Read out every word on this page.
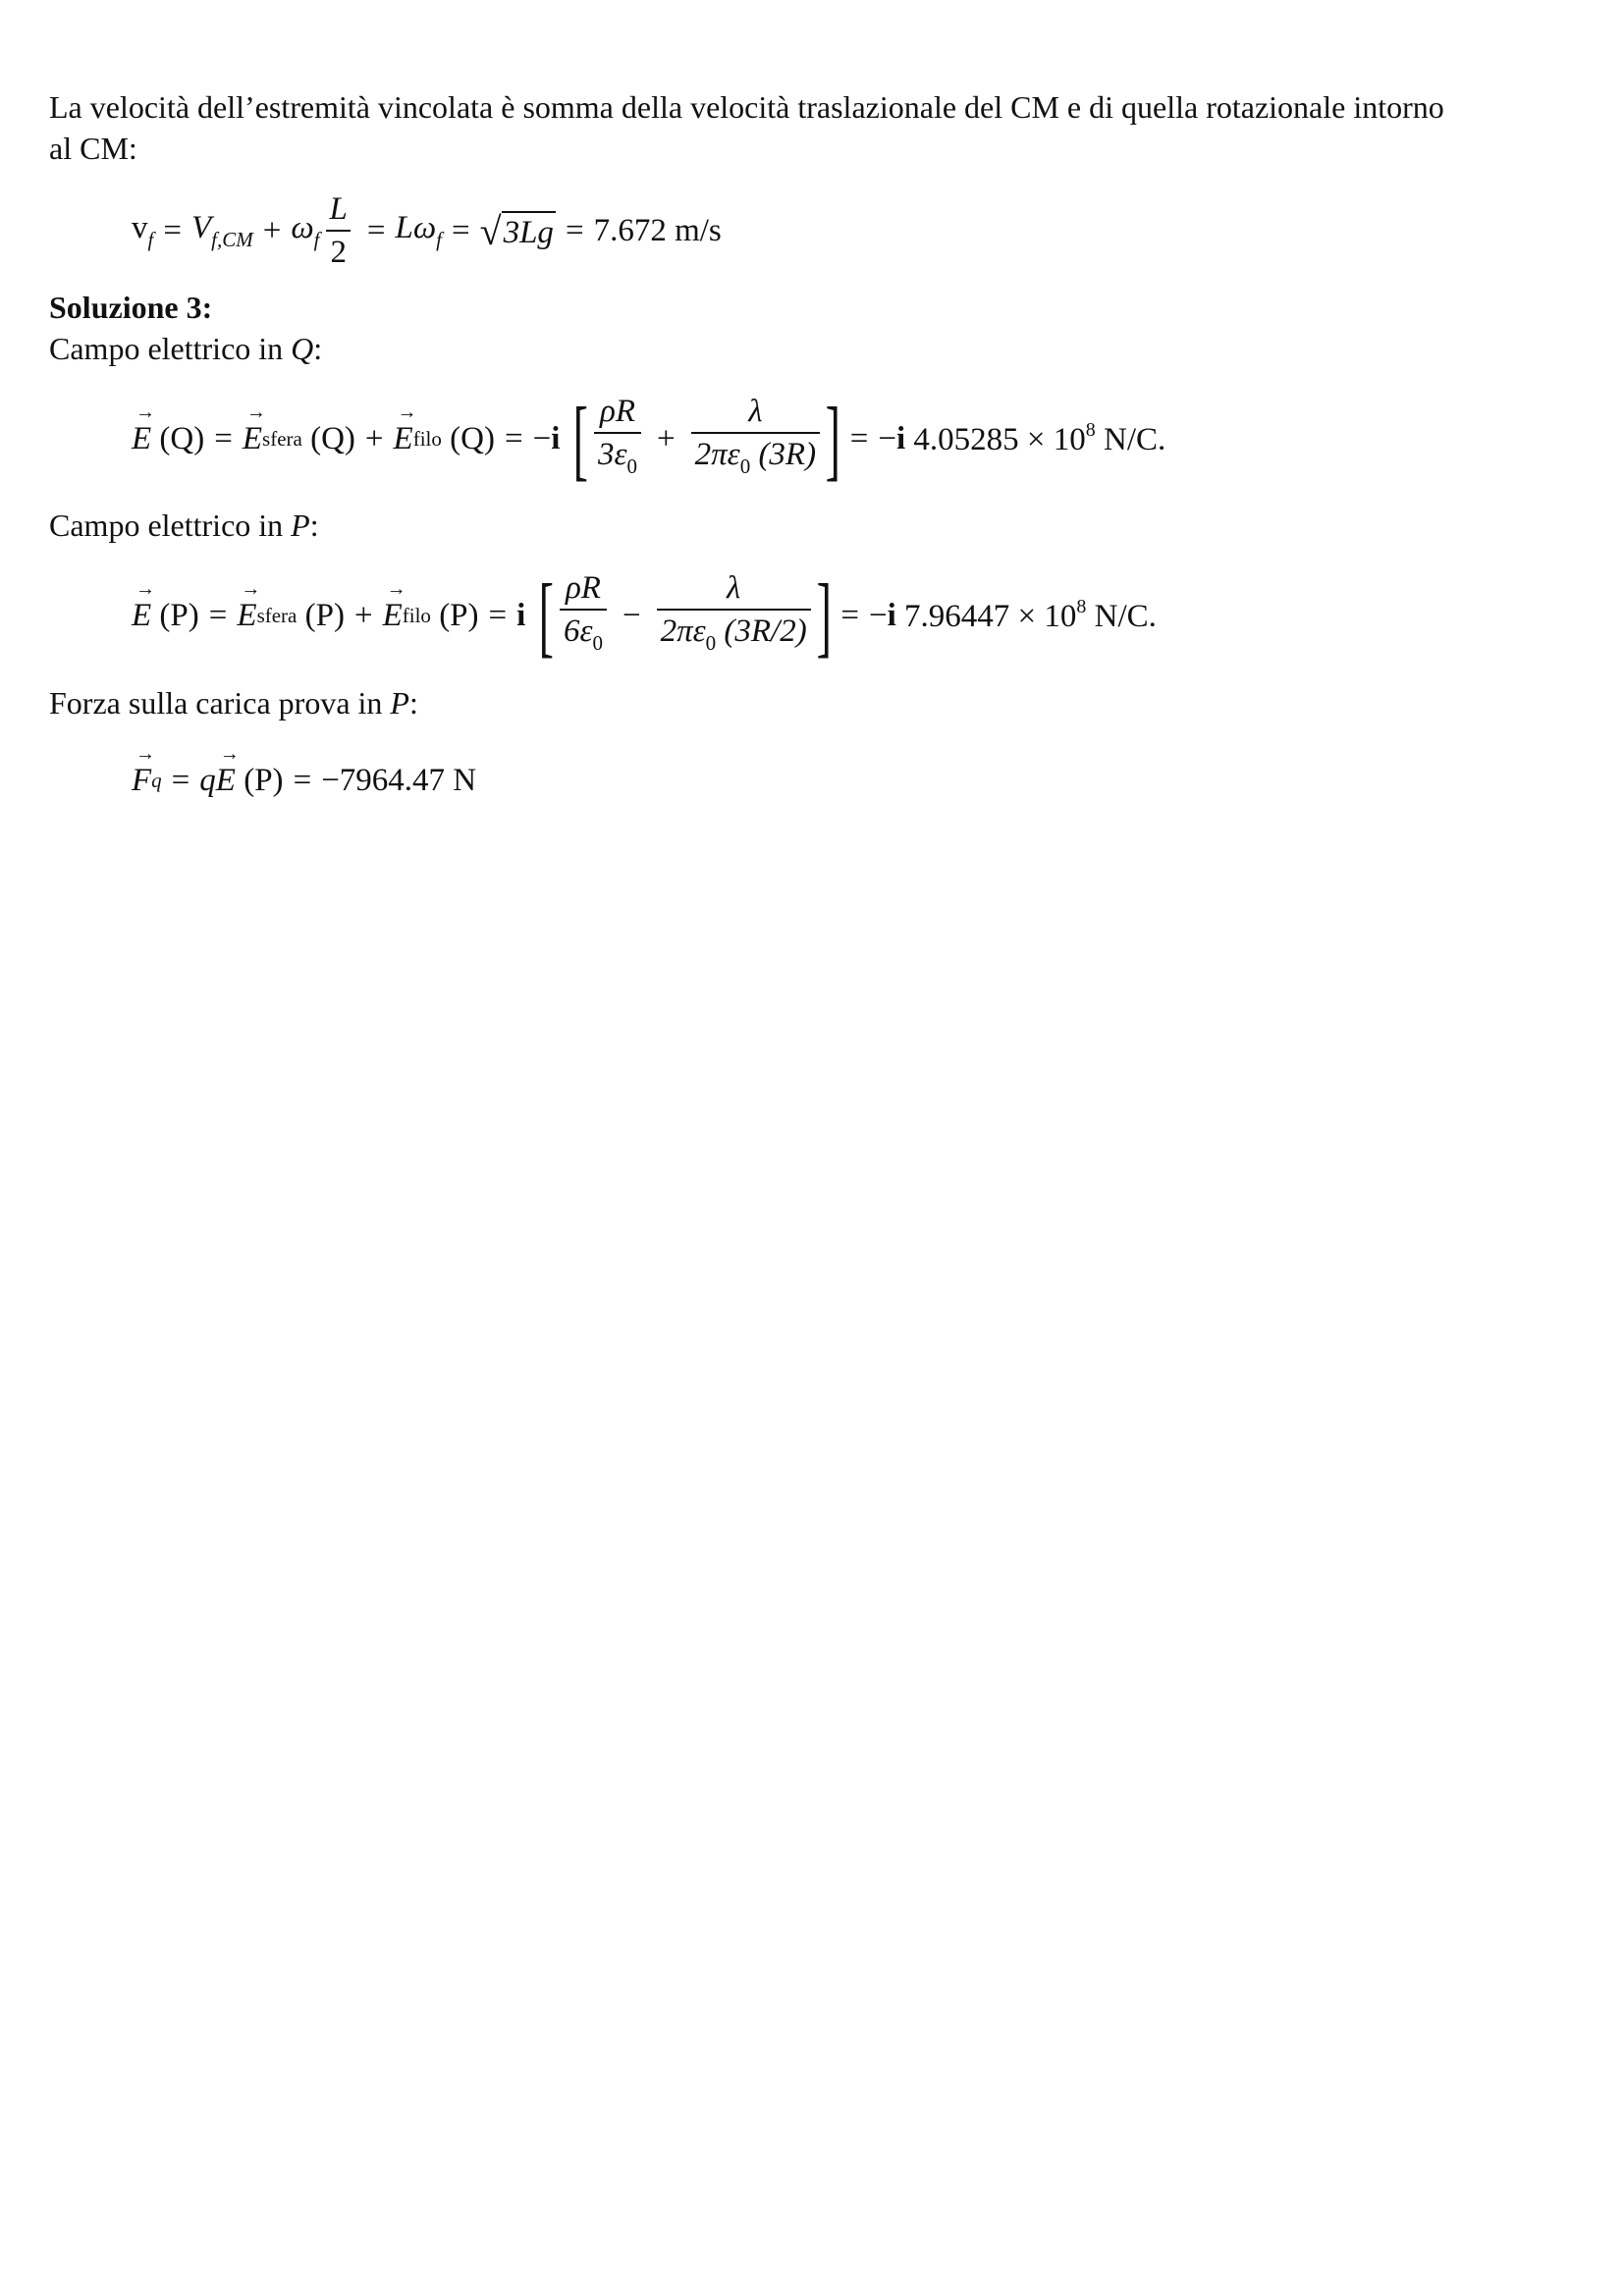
La velocità dell’estremità vincolata è somma della velocità traslazionale del CM e di quella rotazionale intorno
al CM:
$v_f = V_{f,CM} + \omega_f \frac{L}{2} = L\omega_f$ = √ 3Lg = 7.672 m/s
Soluzione 3:
Campo elettrico in Q:
→ E
(Q) = → E sfera
(Q) + → E filo
(Q) = − i [ $\frac{\rho R}{3\varepsilon_0} + \frac{\lambda}{2\pi\varepsilon_0 (3R)}$ ] = − i
$4.05285 \times 10^8$ N/C.
Campo elettrico in P:
→ E
(P) = → E sfera
(P) + → E filo
(P) = i [ $\frac{\rho R}{6\varepsilon_0} - \frac{\lambda}{2\pi\varepsilon_0 (3R/2)}$ ] = − i
$7.96447 \times 10^8$ N/C.
Forza sulla carica prova in P:
→ F q = q → E
(P) = −7964.47 N
